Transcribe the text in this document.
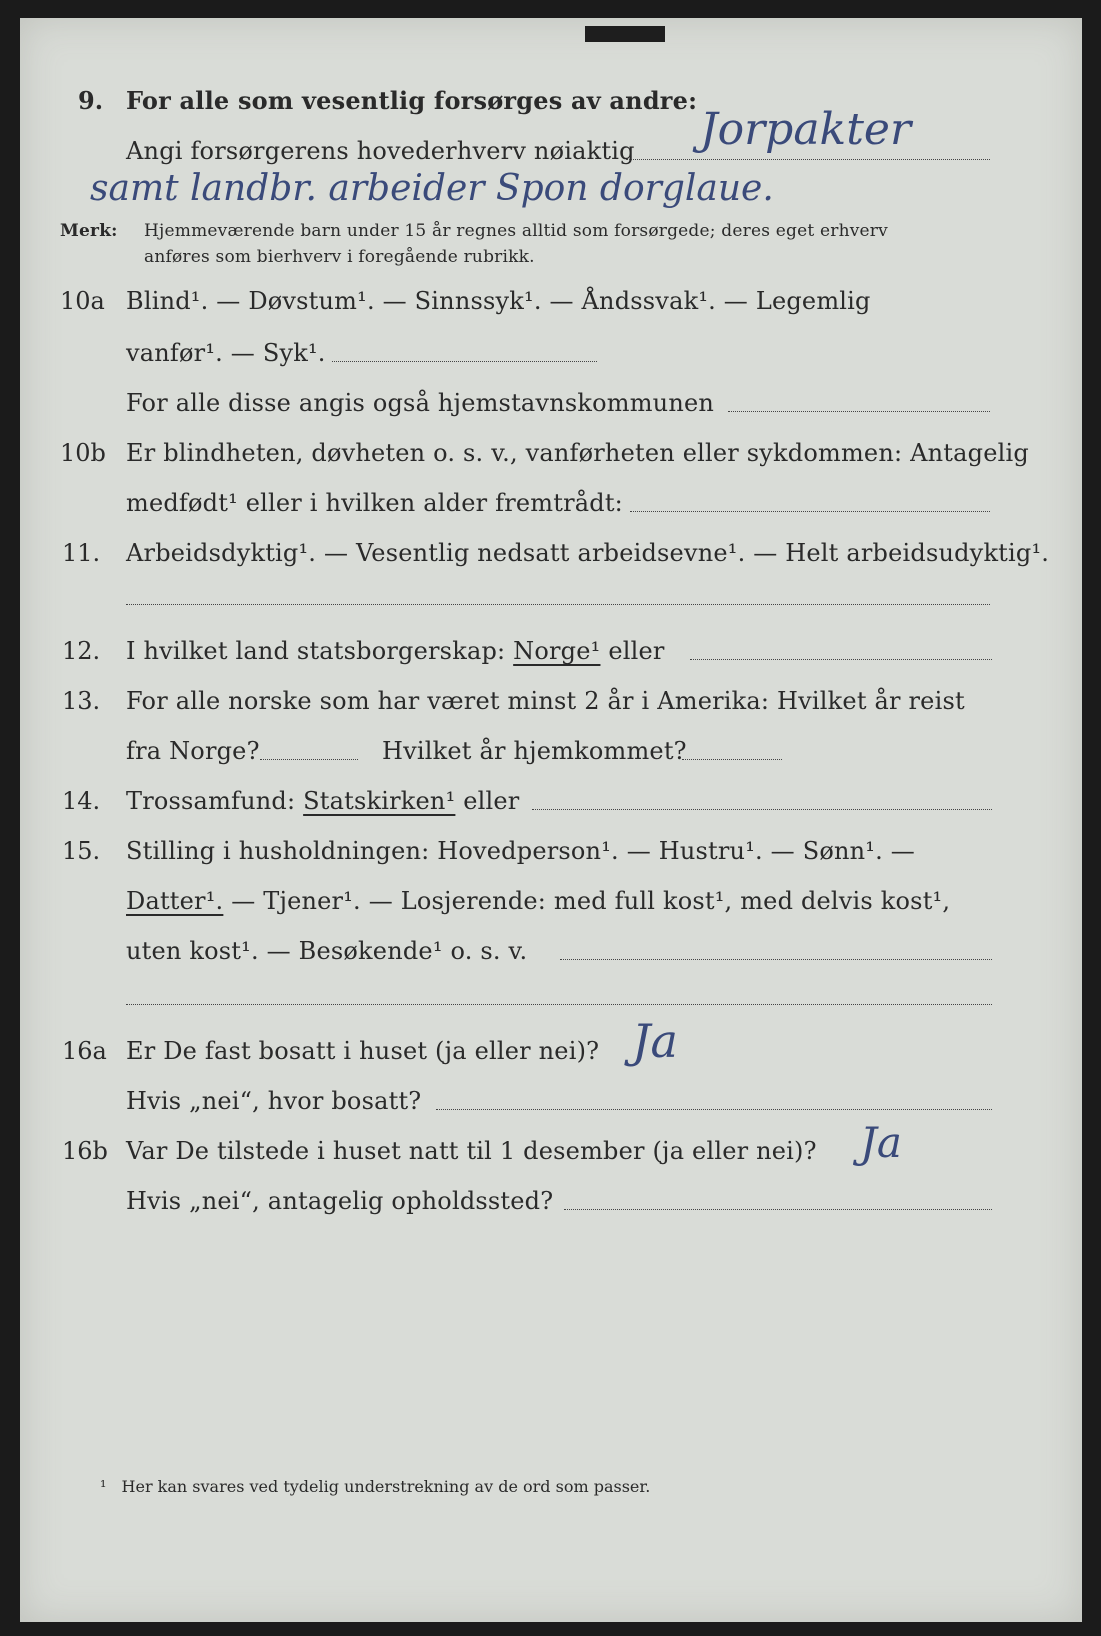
9. For alle som vesentlig forsørges av andre:
Angi forsørgerens hovederhverv nøiaktig Jorpakter
samt landbr. arbeider Spon dorglaue.
Merk: Hjemmeværende barn under 15 år regnes alltid som forsørgede; deres eget erhverv
anføres som bierhverv i foregående rubrikk.
10a Blind¹. — Døvstum¹. — Sinnssyk¹. — Åndssvak¹. — Legemlig
vanfør¹. — Syk¹.
For alle disse angis også hjemstavnskommunen
10b Er blindheten, døvheten o. s. v., vanførheten eller sykdommen: Antagelig
medfødt¹ eller i hvilken alder fremtrådt:
11. Arbeidsdyktig¹. — Vesentlig nedsatt arbeidsevne¹. — Helt arbeidsudyktig¹.
12. I hvilket land statsborgerskap: Norge¹ eller
13. For alle norske som har været minst 2 år i Amerika: Hvilket år reist
fra Norge?	Hvilket år hjemkommet?
14. Trossamfund: Statskirken¹ eller
15. Stilling i husholdningen: Hovedperson¹. — Hustru¹. — Sønn¹. —
Datter¹. — Tjener¹. — Losjerende: med full kost¹, med delvis kost¹,
uten kost¹. — Besøkende¹ o. s. v.
16a Er De fast bosatt i huset (ja eller nei)? Ja
Hvis „nei“, hvor bosatt?
16b Var De tilstede i huset natt til 1 desember (ja eller nei)? Ja
Hvis „nei“, antagelig opholdssted?
¹ Her kan svares ved tydelig understrekning av de ord som passer.
